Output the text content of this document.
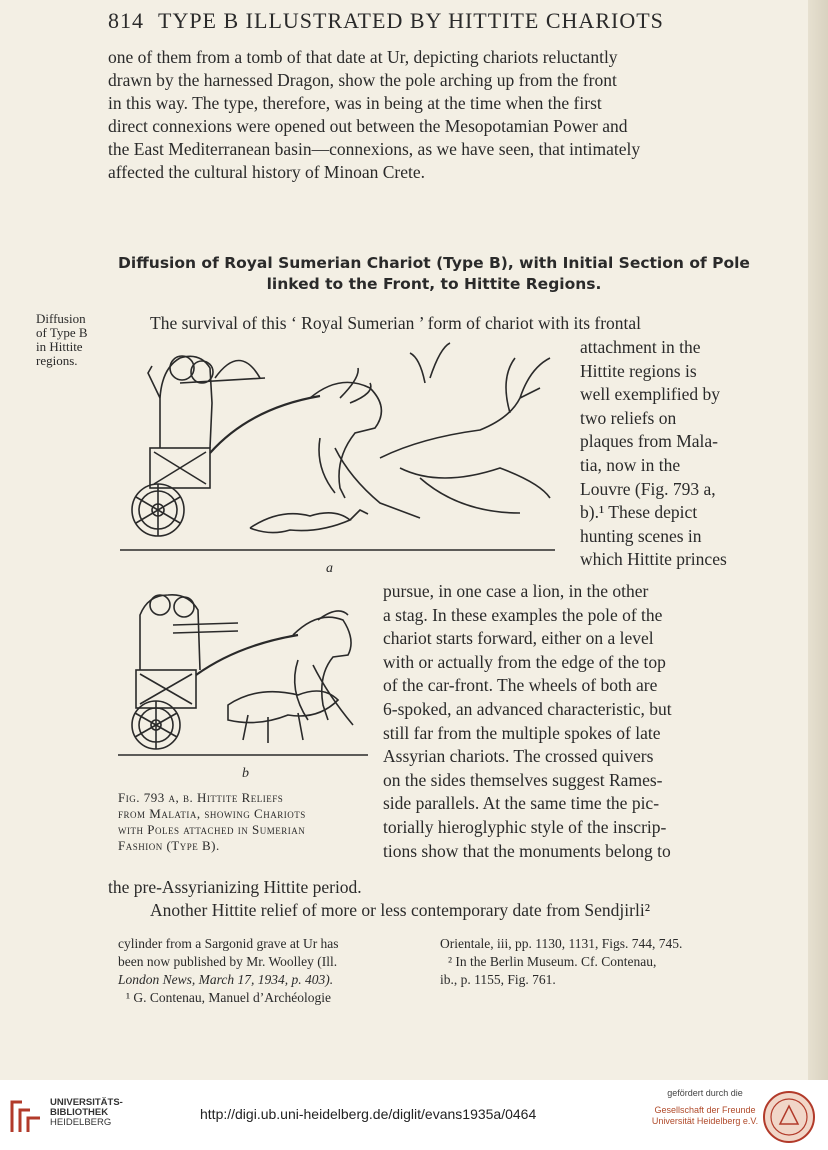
814 TYPE B ILLUSTRATED BY HITTITE CHARIOTS
one of them from a tomb of that date at Ur, depicting chariots reluctantly
drawn by the harnessed Dragon, show the pole arching up from the front
in this way. The type, therefore, was in being at the time when the first
direct connexions were opened out between the Mesopotamian Power and
the East Mediterranean basin—connexions, as we have seen, that intimately
affected the cultural history of Minoan Crete.
Diffusion of Royal Sumerian Chariot (Type B), with Initial Section of Pole
linked to the Front, to Hittite Regions.
Diffusion
of Type B
in Hittite
regions.
The survival of this ‘ Royal Sumerian ’ form of chariot with its frontal
a
attachment in the
Hittite regions is
well exemplified by
two reliefs on
plaques from Mala-
tia, now in the
Louvre (Fig. 793 a,
b).¹ These depict
hunting scenes in
which Hittite princes
b
Fig. 793 a, b. Hittite Reliefs
from Malatia, showing Chariots
with Poles attached in Sumerian
Fashion (Type B).
pursue, in one case a lion, in the other
a stag. In these examples the pole of the
chariot starts forward, either on a level
with or actually from the edge of the top
of the car-front. The wheels of both are
6-spoked, an advanced characteristic, but
still far from the multiple spokes of late
Assyrian chariots. The crossed quivers
on the sides themselves suggest Rames-
side parallels. At the same time the pic-
torially hieroglyphic style of the inscrip-
tions show that the monuments belong to
the pre-Assyrianizing Hittite period.
Another Hittite relief of more or less contemporary date from Sendjirli²

cylinder from a Sargonid grave at Ur has

been now published by Mr. Woolley (Ill.

London News, March 17, 1934, p. 403).

¹ G. Contenau, Manuel d’Archéologie

Orientale, iii, pp. 1130, 1131, Figs. 744, 745.

² In the Berlin Museum. Cf. Contenau,

ib., p. 1155, Fig. 761.

UNIVERSITÄTS-
BIBLIOTHEK
HEIDELBERG
http://digi.ub.uni-heidelberg.de/diglit/evans1935a/0464
gefördert durch die
Gesellschaft der Freunde
Universität Heidelberg e.V.
